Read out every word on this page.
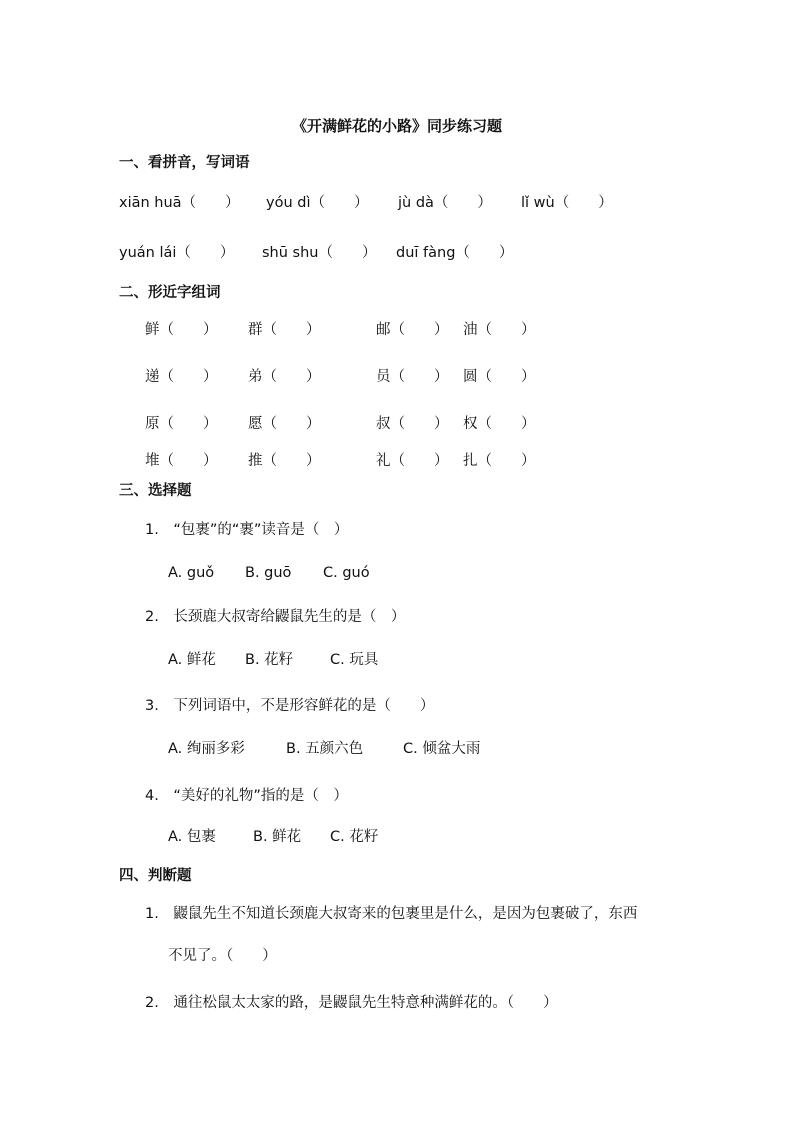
《开满鲜花的小路》同步练习题
一、看拼音，写词语
xiān huā（　　） yóu dì（　　） jù dà（　　） lǐ wù（　　）
yuán lái（　　） shū shu（　　） duī fàng（　　）
二、形近字组词
鲜（　　） 群（　　）	邮（　　） 油（　　）
递（　　） 弟（　　）	员（　　） 圆（　　）
原（　　） 愿（　　）	叔（　　） 权（　　）
堆（　　） 推（　　）	礼（　　） 扎（　　）
三、选择题
1.　“包裹”的“裹”读音是（　）
A. guǒ B. guō C. guó
2.　长颈鹿大叔寄给鼹鼠先生的是（　）
A. 鲜花 B. 花籽	C. 玩具
3.　下列词语中，不是形容鲜花的是（　　）
A. 绚丽多彩	B. 五颜六色	C. 倾盆大雨
4.　“美好的礼物”指的是（　）
A. 包裹	B. 鲜花 C. 花籽
四、判断题
1.　鼹鼠先生不知道长颈鹿大叔寄来的包裹里是什么，是因为包裹破了，东西
不见了。（　　）
2.　通往松鼠太太家的路，是鼹鼠先生特意种满鲜花的。（　　）
